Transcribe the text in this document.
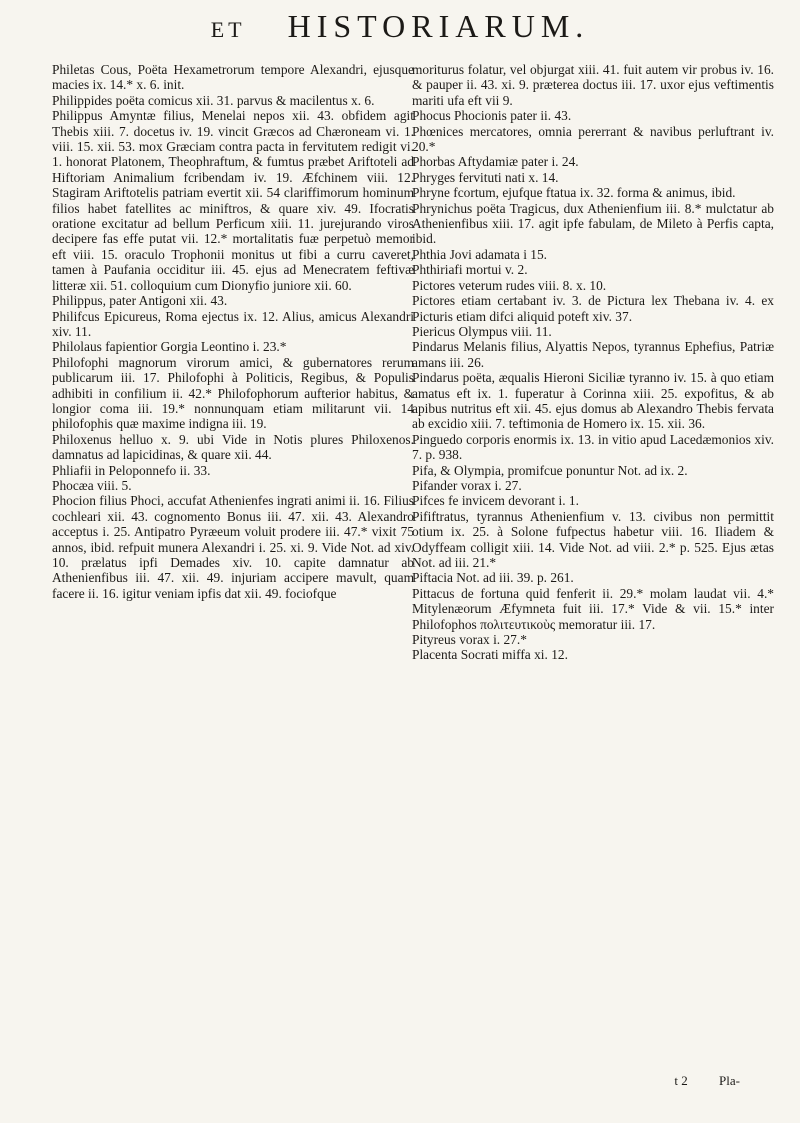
ET HISTORIARUM.

Philetas Cous, Poëta Hexametrorum tempore Alexandri, ejusque macies ix. 14.* x. 6. init.

Philippides poëta comicus xii. 31. parvus & macilentus x. 6.

Philippus Amyntæ filius, Menelai nepos xii. 43. obfidem agit Thebis xiii. 7. docetus iv. 19. vincit Græcos ad Chæroneam vi. 1. viii. 15. xii. 53. mox Græciam contra pacta in fervitutem redigit vi. 1. honorat Platonem, Theophraftum, & fumtus præbet Ariftoteli ad Hiftoriam Animalium fcribendam iv. 19. Æfchinem viii. 12. Stagiram Ariftotelis patriam evertit xii. 54 clariffimorum hominum filios habet fatellites ac miniftros, & quare xiv. 49. Ifocratis oratione excitatur ad bellum Perficum xiii. 11. jurejurando viros decipere fas effe putat vii. 12.* mortalitatis fuæ perpetuò memor eft viii. 15. oraculo Trophonii monitus ut fibi a curru caveret, tamen à Paufania occiditur iii. 45. ejus ad Menecratem feftivæ litteræ xii. 51. colloquium cum Dionyfio juniore xii. 60.

Philippus, pater Antigoni xii. 43.

Philifcus Epicureus, Roma ejectus ix. 12. Alius, amicus Alexandri xiv. 11.

Philolaus fapientior Gorgia Leontino i. 23.*

Philofophi magnorum virorum amici, & gubernatores rerum publicarum iii. 17. Philofophi à Politicis, Regibus, & Populis adhibiti in confilium ii. 42.* Philofophorum aufterior habitus, & longior coma iii. 19.* nonnunquam etiam militarunt vii. 14 philofophis quæ maxime indigna iii. 19.

Philoxenus helluo x. 9. ubi Vide in Notis plures Philoxenos. damnatus ad lapicidinas, & quare xii. 44.

Phliafii in Peloponnefo ii. 33.

Phocæa viii. 5.

Phocion filius Phoci, accufat Athenienfes ingrati animi ii. 16. Filius cochleari xii. 43. cognomento Bonus iii. 47. xii. 43. Alexandro acceptus i. 25. Antipatro Pyræeum voluit prodere iii. 47.* vixit 75 annos, ibid. refpuit munera Alexandri i. 25. xi. 9. Vide Not. ad xiv. 10. prælatus ipfi Demades xiv. 10. capite damnatur ab Athenienfibus iii. 47. xii. 49. injuriam accipere mavult, quam facere ii. 16. igitur veniam ipfis dat xii. 49. fociofque

moriturus folatur, vel objurgat xiii. 41. fuit autem vir probus iv. 16. & pauper ii. 43. xi. 9. præterea doctus iii. 17. uxor ejus veftimentis mariti ufa eft vii 9.

Phocus Phocionis pater ii. 43.

Phœnices mercatores, omnia pererrant & navibus perluftrant iv. 20.*

Phorbas Aftydamiæ pater i. 24.

Phryges fervituti nati x. 14.

Phryne fcortum, ejufque ftatua ix. 32. forma & animus, ibid.

Phrynichus poëta Tragicus, dux Athenienfium iii. 8.* mulctatur ab Athenienfibus xiii. 17. agit ipfe fabulam, de Mileto à Perfis capta, ibid.

Phthia Jovi adamata i 15.

Phthiriafi mortui v. 2.

Pictores veterum rudes viii. 8. x. 10.

Pictores etiam certabant iv. 3. de Pictura lex Thebana iv. 4. ex Picturis etiam difci aliquid poteft xiv. 37.

Piericus Olympus viii. 11.

Pindarus Melanis filius, Alyattis Nepos, tyrannus Ephefius, Patriæ amans iii. 26.

Pindarus poëta, æqualis Hieroni Siciliæ tyranno iv. 15. à quo etiam amatus eft ix. 1. fuperatur à Corinna xiii. 25. expofitus, & ab apibus nutritus eft xii. 45. ejus domus ab Alexandro Thebis fervata ab excidio xiii. 7. teftimonia de Homero ix. 15. xii. 36.

Pinguedo corporis enormis ix. 13. in vitio apud Lacedæmonios xiv. 7. p. 938.

Pifa, & Olympia, promifcue ponuntur Not. ad ix. 2.

Pifander vorax i. 27.

Pifces fe invicem devorant i. 1.

Pififtratus, tyrannus Athenienfium v. 13. civibus non permittit otium ix. 25. à Solone fufpectus habetur viii. 16. Iliadem & Odyffeam colligit xiii. 14. Vide Not. ad viii. 2.* p. 525. Ejus ætas Not. ad iii. 21.*

Piftacia Not. ad iii. 39. p. 261.

Pittacus de fortuna quid fenferit ii. 29.* molam laudat vii. 4.* Mitylenæorum Æfymneta fuit iii. 17.* Vide & vii. 15.* inter Philofophos πολιτευτικοὺς memoratur iii. 17.

Pityreus vorax i. 27.*

Placenta Socrati miffa xi. 12.

t 2 Pla-
